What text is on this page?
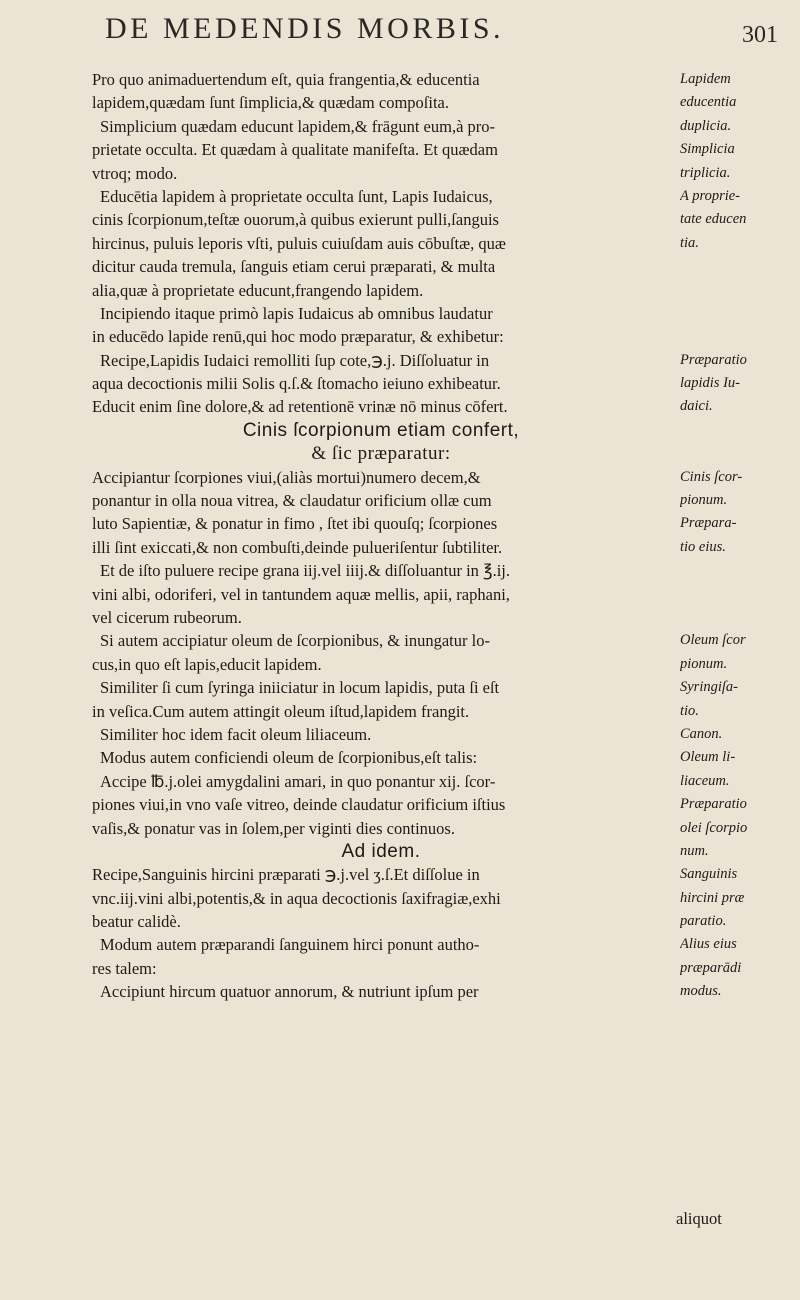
DE MEDENDIS MORBIS.	301
Pro quo animaduertendum eſt, quia frangentia,& educentia
lapidem,quædam ſunt ſimplicia,& quædam compoſita.
Simplicium quædam educunt lapidem,& frāgunt eum,à pro-
prietate occulta. Et quædam à qualitate manifeſta. Et quædam
vtroq; modo.
Educētia lapidem à proprietate occulta ſunt, Lapis Iudaicus,
cinis ſcorpionum,teſtæ ouorum,à quibus exierunt pulli,ſanguis
hircinus, puluis leporis vſti, puluis cuiuſdam auis cōbuſtæ, quæ
dicitur cauda tremula, ſanguis etiam cerui præparati, & multa
alia,quæ à proprietate educunt,frangendo lapidem.
Incipiendo itaque primò lapis Iudaicus ab omnibus laudatur
in educēdo lapide renū,qui hoc modo præparatur, & exhibetur:
Recipe,Lapidis Iudaici remolliti ſup cote,℈.j. Diſſoluatur in
aqua decoctionis milii Solis q.ſ.& ſtomacho ieiuno exhibeatur.
Educit enim ſine dolore,& ad retentionē vrinæ nō minus cōfert.
Cinis ſcorpionum etiam confert,
& ſic præparatur:
Accipiantur ſcorpiones viui,(aliàs mortui)numero decem,&
ponantur in olla noua vitrea, & claudatur orificium ollæ cum
luto Sapientiæ, & ponatur in fimo , ſtet ibi quouſq; ſcorpiones
illi ſint exiccati,& non combuſti,deinde pulueriſentur ſubtiliter.
Et de iſto puluere recipe grana iij.vel iiij.& diſſoluantur in ℥.ij.
vini albi, odoriferi, vel in tantundem aquæ mellis, apii, raphani,
vel cicerum rubeorum.
Si autem accipiatur oleum de ſcorpionibus, & inungatur lo-
cus,in quo eſt lapis,educit lapidem.
Similiter ſi cum ſyringa iniiciatur in locum lapidis, puta ſi eſt
in veſica.Cum autem attingit oleum iſtud,lapidem frangit.
Similiter hoc idem facit oleum liliaceum.
Modus autem conficiendi oleum de ſcorpionibus,eſt talis:
Accipe ℔.j.olei amygdalini amari, in quo ponantur xij. ſcor-
piones viui,in vno vaſe vitreo, deinde claudatur orificium iſtius
vaſis,& ponatur vas in ſolem,per viginti dies continuos.
Ad idem.
Recipe,Sanguinis hircini præparati ℈.j.vel ʒ.ſ.Et diſſolue in
vnc.iij.vini albi,potentis,& in aqua decoctionis ſaxifragiæ,exhi
beatur calidè.
Modum autem præparandi ſanguinem hirci ponunt autho-
res talem:
Accipiunt hircum quatuor annorum, & nutriunt ipſum per
Lapidem
educentia
duplicia.
Simplicia
triplicia.
A proprie-
tate educen
tia.
Præparatio
lapidis Iu-
daici.
Cinis ſcor-
pionum.
Præpara-
tio eius.
Oleum ſcor
pionum.
Syringiſa-
tio.
Canon.
Oleum li-
liaceum.
Præparatio
olei ſcorpio
num.
Sanguinis
hircini præ
paratio.
Alius eius
præparādi
modus.
aliquot
